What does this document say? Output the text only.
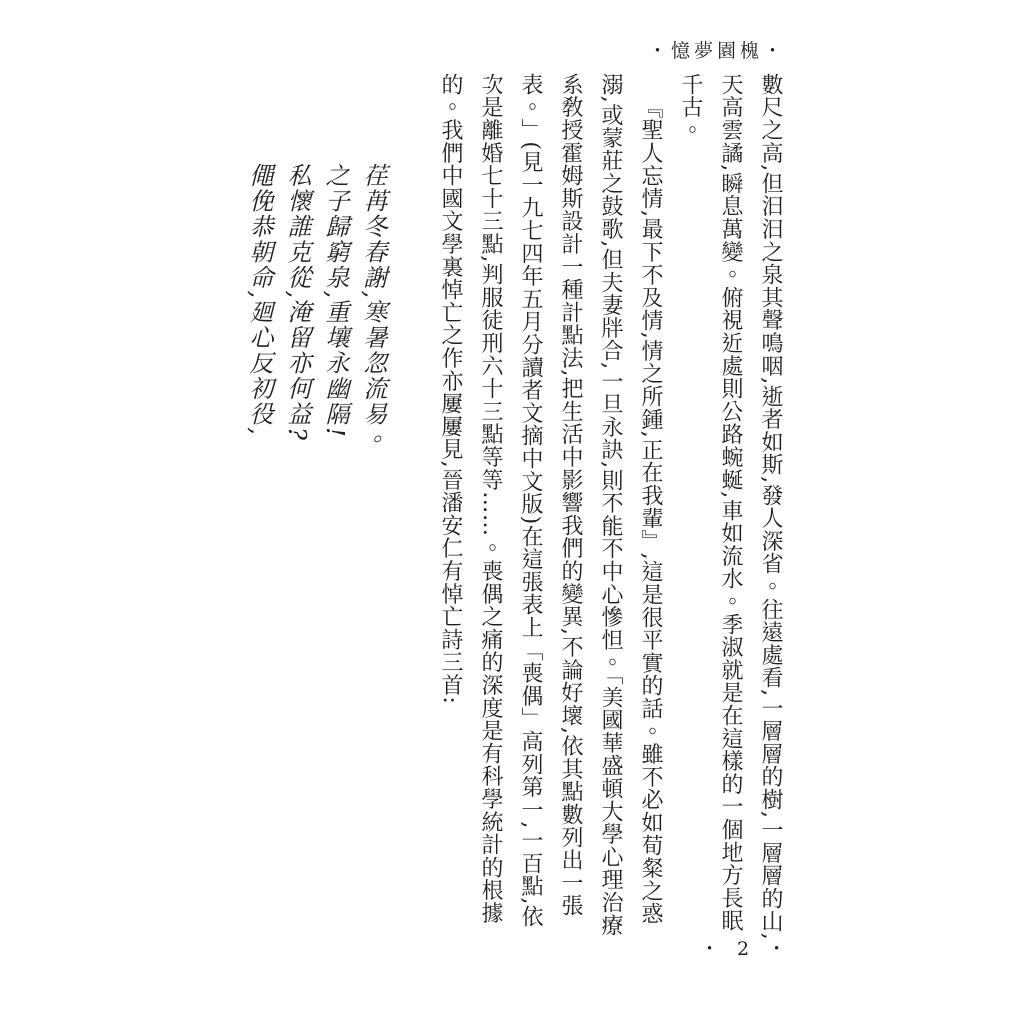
・憶夢園槐・

數尺之高,但汩汩之泉其聲鳴咽,逝者如斯,發人深省。往遠處看,一層層的樹,一層層的山,天高雲譎,瞬息萬變。俯視近處則公路蜿蜒,車如流水。季淑就是在這樣的一個地方長眠千古。

『聖人忘情,最下不及情,情之所鍾,正在我輩』,這是很平實的話。雖不必如荀粲之惑溺,或蒙莊之鼓歌,但夫妻牉合,一旦永訣,則不能不中心慘怛。「美國華盛頓大學心理治療系敎授霍姆斯設計一種計點法,把生活中影響我們的變異,不論好壞,依其點數列出一張表。」(見一九七四年五月分讀者文摘中文版)在這張表上「喪偶」高列第一,一百點,依次是離婚七十三點,判服徒刑六十三點等等……。喪偶之痛的深度是有科學統計的根據的。我們中國文學裏悼亡之作亦屢屢見,晉潘安仁有悼亡詩三首:

荏苒冬春謝,寒暑忽流易。

之子歸窮泉,重壤永幽隔!

私懷誰克從,淹留亦何益?

僶俛恭朝命,廻心反初役,

・ 2 ・
